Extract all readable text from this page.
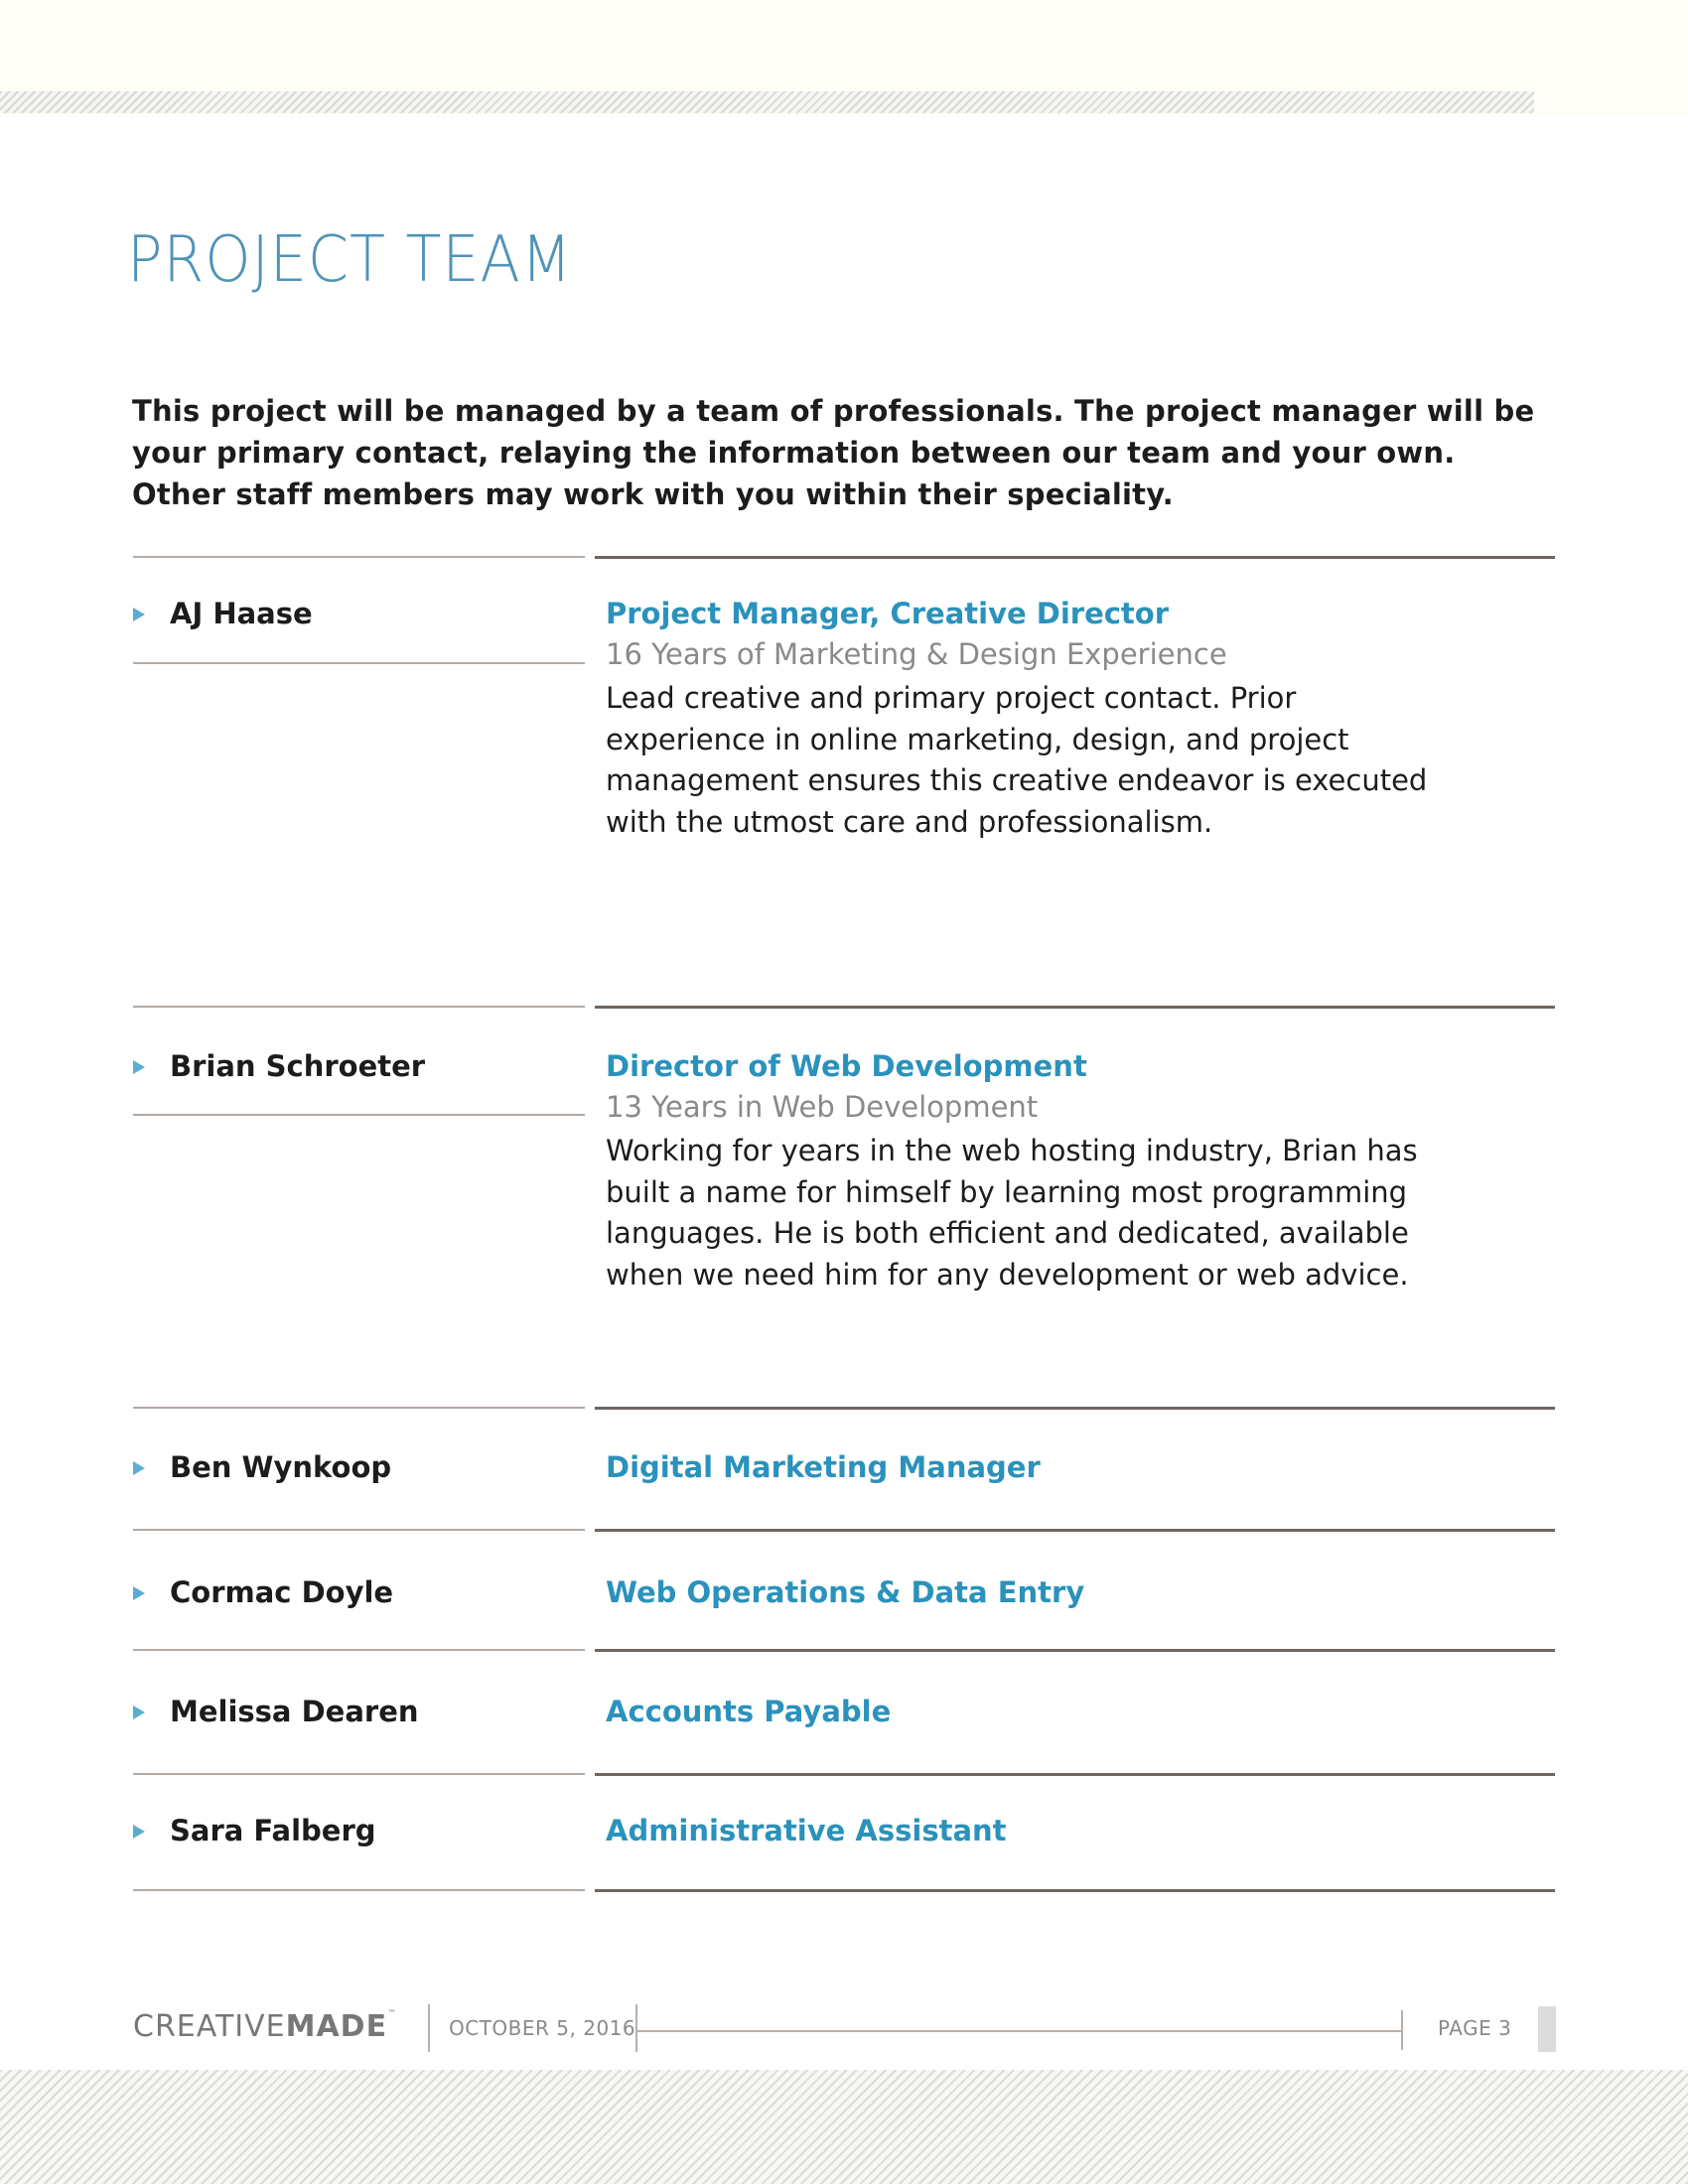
PROJECT TEAM
This project will be managed by a team of professionals. The project manager will be your primary contact, relaying the information between our team and your own. Other staff members may work with you within their speciality.
AJ Haase	Project Manager, Creative Director
16 Years of Marketing & Design Experience
Lead creative and primary project contact. Prior experience in online marketing, design, and project management ensures this creative endeavor is executed with the utmost care and professionalism.
Brian Schroeter	Director of Web Development
13 Years in Web Development
Working for years in the web hosting industry, Brian has built a name for himself by learning most programming languages. He is both efficient and dedicated, available when we need him for any development or web advice.
Ben Wynkoop	Digital Marketing Manager
Cormac Doyle	Web Operations & Data Entry
Melissa Dearen	Accounts Payable
Sara Falberg	Administrative Assistant
CREATIVEMADE™
OCTOBER 5, 2016	PAGE 3
